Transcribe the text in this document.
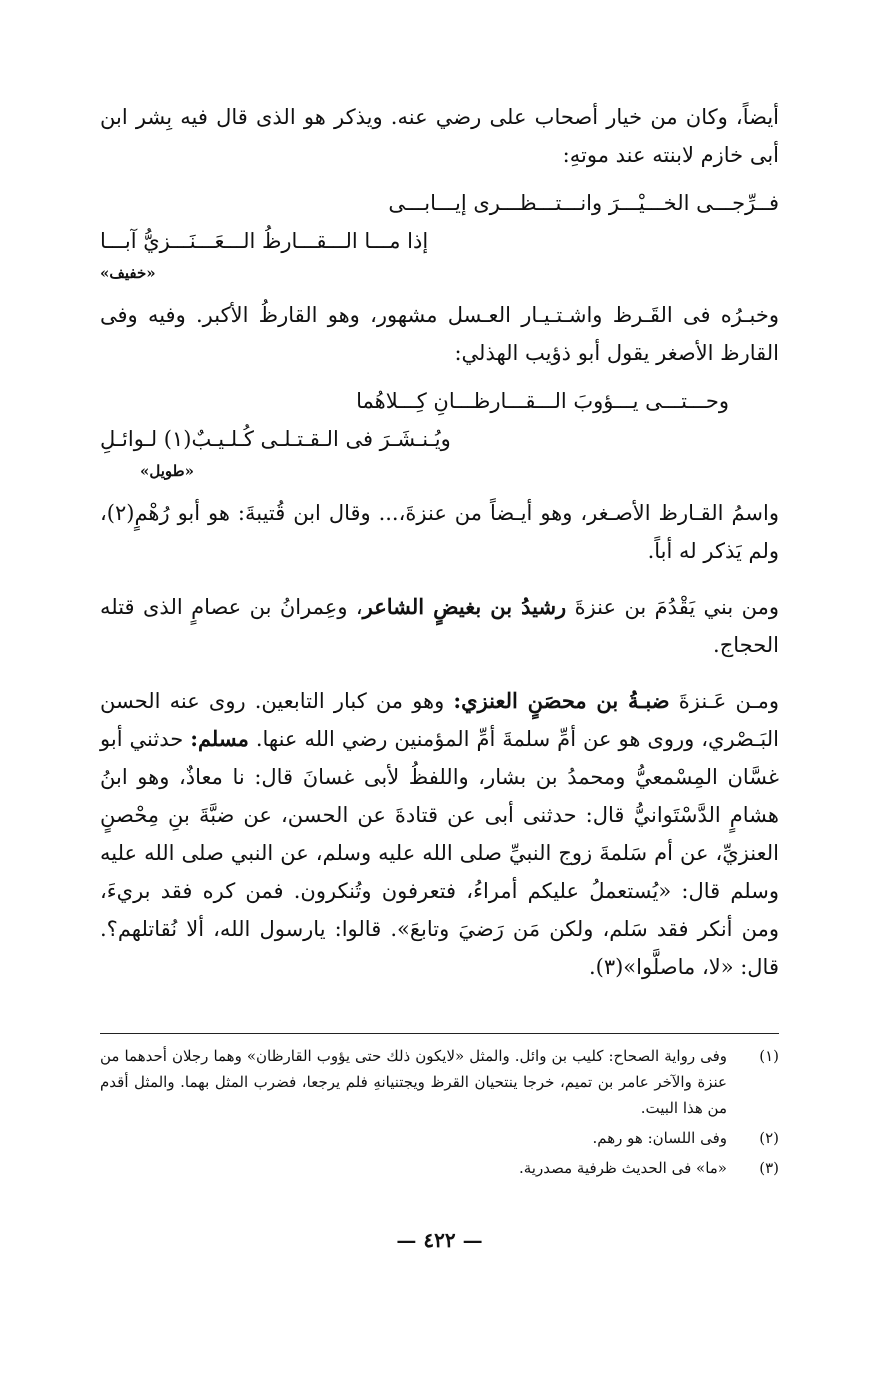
أيضاً، وكان من خيار أصحاب على رضي عنه. ويذكر هو الذى قال فيه بِشر ابن أبى خازم لابنته عند موتهِ:

فــرِّجـــى الخـــيْـــرَ وانـــتـــظـــرى إيـــابـــى
إذا مـــا الـــقـــارظُ الـــعَـــنَـــزيُّ آبـــا
«خفيف»

وخبـرُه فى القَـرظ واشـتـيـار العـسل مشهور، وهو القارظُ الأكبر. وفيه وفى القارظ الأصغر يقول أبو ذؤيب الهذلي:

وحـــتـــى يـــؤوبَ الـــقـــارظـــانِ كِـــلاهُما
ويُـنـشَـرَ فى الـقـتـلـى كُـلـيـبٌ(١) لـوائـلِ
«طويل»

واسمُ القـارظ الأصـغر، وهو أيـضاً من عنزةَ،... وقال ابن قُتيبةَ: هو أبو رُهْمٍ(٢)، ولم يَذكر له أباً.

ومن بني يَقْدُمَ بن عنزةَ رشيدُ بن بغيضٍ الشاعر، وعِمرانُ بن عصامٍ الذى قتله الحجاج.

ومـن عَـنزةَ ضبـةُ بن محصَنٍ العنزي: وهو من كبار التابعين. روى عنه الحسن البَـصْري، وروى هو عن أمِّ سلمةَ أمِّ المؤمنين رضي الله عنها. مسلم: حدثني أبو غسَّان المِسْمعيُّ ومحمدُ بن بشار، واللفظُ لأبى غسانَ قال: نا معاذٌ، وهو ابنُ هشامٍ الدَّسْتَوانيُّ قال: حدثنى أبى عن قتادةَ عن الحسن، عن ضبَّةَ بنِ مِحْصنٍ العنزيِّ، عن أم سَلمةَ زوج النبيِّ صلى الله عليه وسلم، عن النبي صلى الله عليه وسلم قال: «يُستعملُ عليكم أمراءُ، فتعرفون وتُنكرون. فمن كره فقد بريءَ، ومن أنكر فقد سَلم، ولكن مَن رَضيَ وتابعَ». قالوا: يارسول الله، ألا نُقاتلهم؟. قال: «لا، ماصلَّوا»(٣).

(١)
وفى رواية الصحاح: كليب بن وائل. والمثل «لايكون ذلك حتى يؤوب القارظان» وهما رجلان أحدهما من عنزة والآخر عامر بن تميم، خرجا ينتحيان القرظ ويجتنيانهِ فلم يرجعا، فضرب المثل بهما. والمثل أقدم من هذا البيت.
(٢)
وفى اللسان: هو رهم.
(٣)
«ما» فى الحديث ظرفية مصدرية.
— ٤٢٢ —
